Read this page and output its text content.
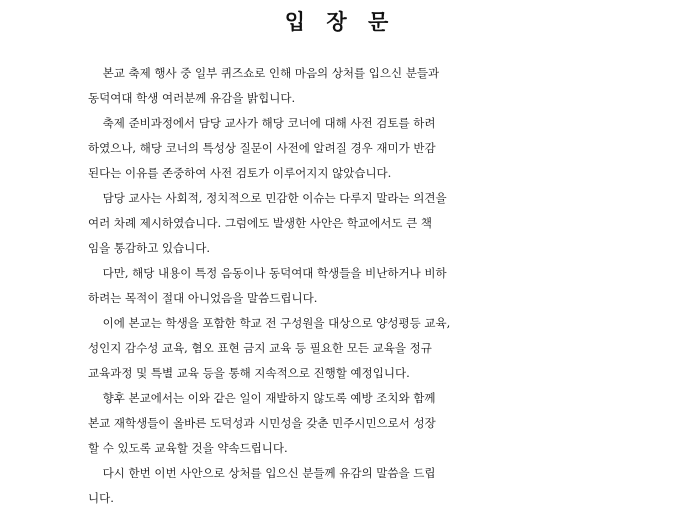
입 장 문

본교 축제 행사 중 일부 퀴즈쇼로 인해 마음의 상처를 입으신 분들과

동덕여대 학생 여러분께 유감을 밝힙니다.

축제 준비과정에서 담당 교사가 해당 코너에 대해 사전 검토를 하려

하였으나, 해당 코너의 특성상 질문이 사전에 알려질 경우 재미가 반감

된다는 이유를 존중하여 사전 검토가 이루어지지 않았습니다.

담당 교사는 사회적, 정치적으로 민감한 이슈는 다루지 말라는 의견을

여러 차례 제시하였습니다. 그럼에도 발생한 사안은 학교에서도 큰 책

임을 통감하고 있습니다.

다만, 해당 내용이 특정 음동이나 동덕여대 학생들을 비난하거나 비하

하려는 목적이 절대 아니었음을 말씀드립니다.

이에 본교는 학생을 포함한 학교 전 구성원을 대상으로 양성평등 교육,

성인지 감수성 교육, 혐오 표현 금지 교육 등 필요한 모든 교육을 정규

교육과정 및 특별 교육 등을 통해 지속적으로 진행할 예정입니다.

향후 본교에서는 이와 같은 일이 재발하지 않도록 예방 조치와 함께

본교 재학생들이 올바른 도덕성과 시민성을 갖춘 민주시민으로서 성장

할 수 있도록 교육할 것을 약속드립니다.

다시 한번 이번 사안으로 상처를 입으신 분들께 유감의 말씀을 드립

니다.
